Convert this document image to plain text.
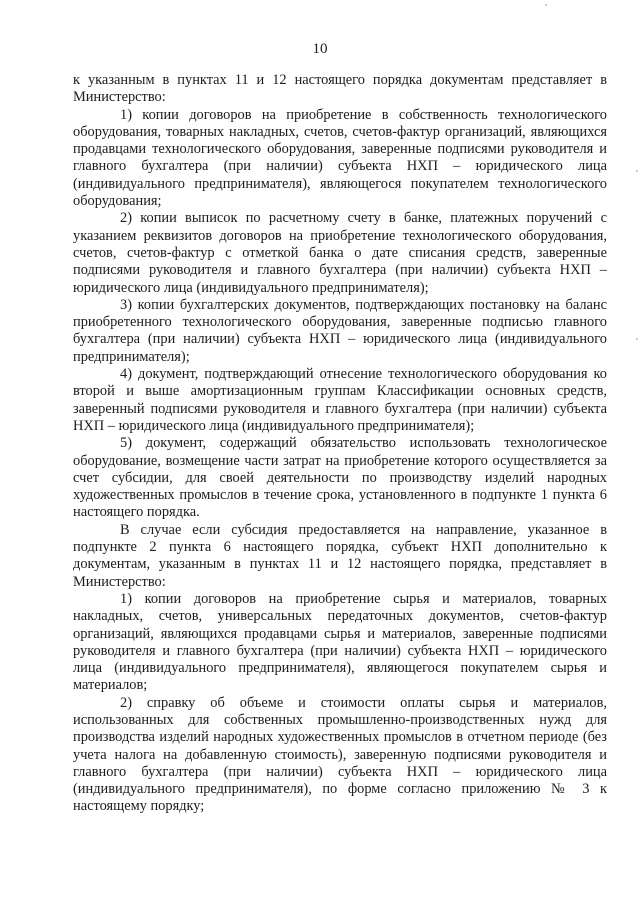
10

к указанным в пунктах 11 и 12 настоящего порядка документам представляет в Министерство:

1) копии договоров на приобретение в собственность технологического оборудования, товарных накладных, счетов, счетов-фактур организаций, являющихся продавцами технологического оборудования, заверенные подписями руководителя и главного бухгалтера (при наличии) субъекта НХП – юридического лица (индивидуального предпринимателя), являющегося покупателем технологического оборудования;

2) копии выписок по расчетному счету в банке, платежных поручений с указанием реквизитов договоров на приобретение технологического оборудования, счетов, счетов-фактур с отметкой банка о дате списания средств, заверенные подписями руководителя и главного бухгалтера (при наличии) субъекта НХП – юридического лица (индивидуального предпринимателя);

3) копии бухгалтерских документов, подтверждающих постановку на баланс приобретенного технологического оборудования, заверенные подписью главного бухгалтера (при наличии) субъекта НХП – юридического лица (индивидуального предпринимателя);

4) документ, подтверждающий отнесение технологического оборудования ко второй и выше амортизационным группам Классификации основных средств, заверенный подписями руководителя и главного бухгалтера (при наличии) субъекта НХП – юридического лица (индивидуального предпринимателя);

5) документ, содержащий обязательство использовать технологическое оборудование, возмещение части затрат на приобретение которого осуществляется за счет субсидии, для своей деятельности по производству изделий народных художественных промыслов в течение срока, установленного в подпункте 1 пункта 6 настоящего порядка.

В случае если субсидия предоставляется на направление, указанное в подпункте 2 пункта 6 настоящего порядка, субъект НХП дополнительно к документам, указанным в пунктах 11 и 12 настоящего порядка, представляет в Министерство:

1) копии договоров на приобретение сырья и материалов, товарных накладных, счетов, универсальных передаточных документов, счетов-фактур организаций, являющихся продавцами сырья и материалов, заверенные подписями руководителя и главного бухгалтера (при наличии) субъекта НХП – юридического лица (индивидуального предпринимателя), являющегося покупателем сырья и материалов;

2) справку об объеме и стоимости оплаты сырья и материалов, использованных для собственных промышленно-производственных нужд для производства изделий народных художественных промыслов в отчетном периоде (без учета налога на добавленную стоимость), заверенную подписями руководителя и главного бухгалтера (при наличии) субъекта НХП – юридического лица (индивидуального предпринимателя), по форме согласно приложению № 3 к настоящему порядку;
